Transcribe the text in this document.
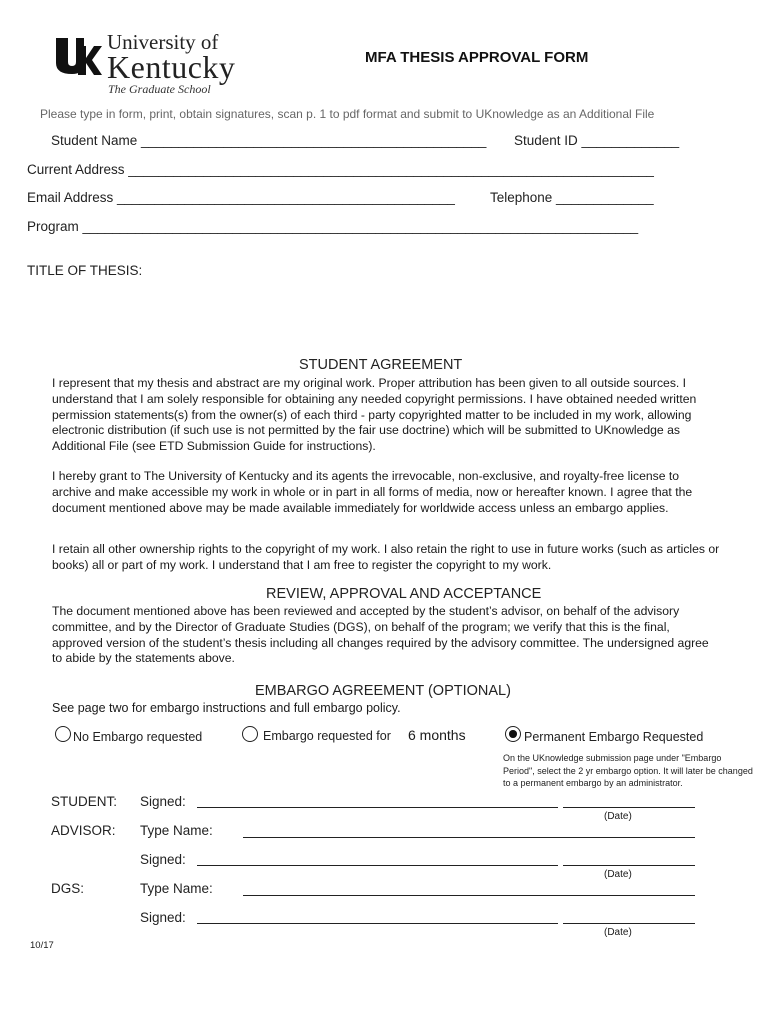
University of
Kentucky
The Graduate School
MFA THESIS APPROVAL FORM
Please type in form, print, obtain signatures, scan p. 1 to pdf format and submit to UKnowledge as an Additional File
Student Name ______________________________________________ Student ID _____________
Current Address ______________________________________________________________________
Email Address _____________________________________________	Telephone _____________
Program __________________________________________________________________________
TITLE OF THESIS:
STUDENT AGREEMENT
I represent that my thesis and abstract are my original work. Proper attribution has been given to all outside sources. I understand that I am solely responsible for obtaining any needed copyright permissions. I have obtained needed written permission statements(s) from the owner(s) of each third - party copyrighted matter to be included in my work, allowing electronic distribution (if such use is not permitted by the fair use doctrine) which will be submitted to UKnowledge as Additional File (see ETD Submission Guide for instructions).
I hereby grant to The University of Kentucky and its agents the irrevocable, non-exclusive, and royalty-free license to archive and make accessible my work in whole or in part in all forms of media, now or hereafter known. I agree that the document mentioned above may be made available immediately for worldwide access unless an embargo applies.
I retain all other ownership rights to the copyright of my work. I also retain the right to use in future works (such as articles or books) all or part of my work. I understand that I am free to register the copyright to my work.
REVIEW, APPROVAL AND ACCEPTANCE
The document mentioned above has been reviewed and accepted by the student’s advisor, on behalf of the advisory committee, and by the Director of Graduate Studies (DGS), on behalf of the program; we verify that this is the final, approved version of the student’s thesis including all changes required by the advisory committee. The undersigned agree to abide by the statements above.
EMBARGO AGREEMENT (OPTIONAL)
See page two for embargo instructions and full embargo policy.
No Embargo requested	Embargo requested for 6 months	Permanent Embargo Requested
On the UKnowledge submission page under "Embargo Period", select the 2 yr embargo option. It will later be changed to a permanent embargo by an administrator.
STUDENT: Signed:
(Date)
ADVISOR: Type Name:
Signed:
(Date)
DGS:	Type Name:
Signed:
(Date)
10/17
